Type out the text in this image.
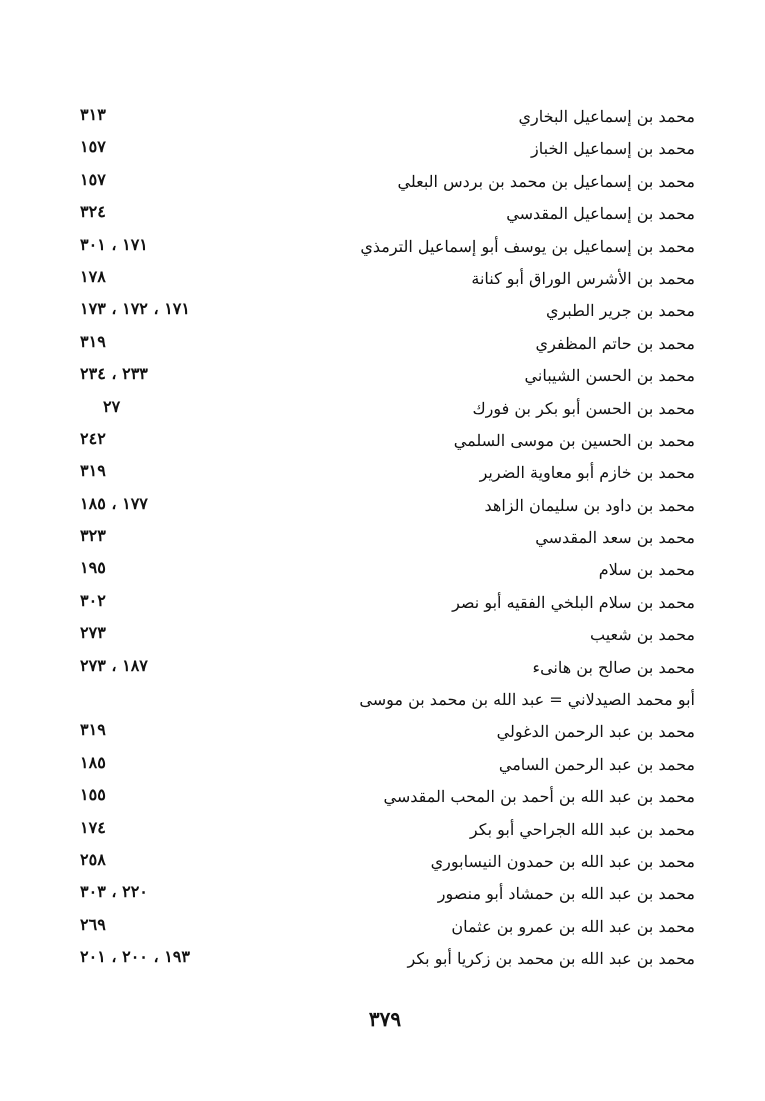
محمد بن إسماعيل البخاري
٣١٣
محمد بن إسماعيل الخباز
١٥٧
محمد بن إسماعيل بن محمد بن بردس البعلي
١٥٧
محمد بن إسماعيل المقدسي
٣٢٤
محمد بن إسماعيل بن يوسف أبو إسماعيل الترمذي
١٧١ ، ٣٠١
محمد بن الأشرس الوراق أبو كنانة
١٧٨
محمد بن جرير الطبري
١٧١ ، ١٧٢ ، ١٧٣
محمد بن حاتم المظفري
٣١٩
محمد بن الحسن الشيباني
٢٣٣ ، ٢٣٤
محمد بن الحسن أبو بكر بن فورك
٢٧
محمد بن الحسين بن موسى السلمي
٢٤٢
محمد بن خازم أبو معاوية الضرير
٣١٩
محمد بن داود بن سليمان الزاهد
١٧٧ ، ١٨٥
محمد بن سعد المقدسي
٣٢٣
محمد بن سلام
١٩٥
محمد بن سلام البلخي الفقيه أبو نصر
٣٠٢
محمد بن شعيب
٢٧٣
محمد بن صالح بن هانىء
١٨٧ ، ٢٧٣
أبو محمد الصيدلاني = عبد الله بن محمد بن موسى
محمد بن عبد الرحمن الدغولي
٣١٩
محمد بن عبد الرحمن السامي
١٨٥
محمد بن عبد الله بن أحمد بن المحب المقدسي
١٥٥
محمد بن عبد الله الجراحي أبو بكر
١٧٤
محمد بن عبد الله بن حمدون النيسابوري
٢٥٨
محمد بن عبد الله بن حمشاد أبو منصور
٢٢٠ ، ٣٠٣
محمد بن عبد الله بن عمرو بن عثمان
٢٦٩
محمد بن عبد الله بن محمد بن زكريا أبو بكر
١٩٣ ، ٢٠٠ ، ٢٠١
٣٧٩
